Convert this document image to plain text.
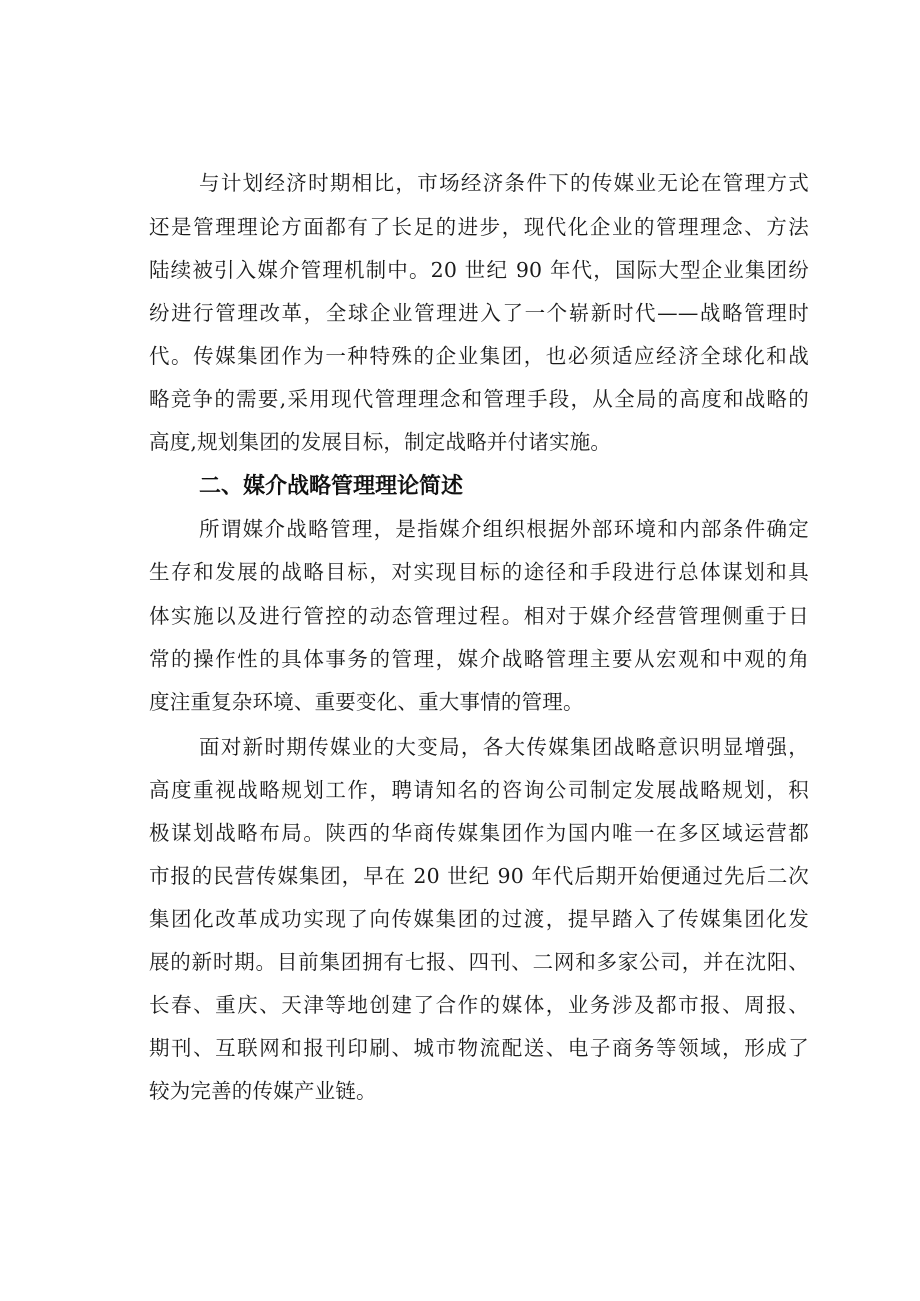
与计划经济时期相比，市场经济条件下的传媒业无论在管理方式
还是管理理论方面都有了长足的进步，现代化企业的管理理念、方法
陆续被引入媒介管理机制中。20 世纪 90 年代，国际大型企业集团纷
纷进行管理改革，全球企业管理进入了一个崭新时代——战略管理时
代。传媒集团作为一种特殊的企业集团，也必须适应经济全球化和战
略竞争的需要,采用现代管理理念和管理手段，从全局的高度和战略的
高度,规划集团的发展目标，制定战略并付诸实施。
二、媒介战略管理理论简述
所谓媒介战略管理，是指媒介组织根据外部环境和内部条件确定
生存和发展的战略目标，对实现目标的途径和手段进行总体谋划和具
体实施以及进行管控的动态管理过程。相对于媒介经营管理侧重于日
常的操作性的具体事务的管理，媒介战略管理主要从宏观和中观的角
度注重复杂环境、重要变化、重大事情的管理。
面对新时期传媒业的大变局，各大传媒集团战略意识明显增强，
高度重视战略规划工作，聘请知名的咨询公司制定发展战略规划，积
极谋划战略布局。陕西的华商传媒集团作为国内唯一在多区域运营都
市报的民营传媒集团，早在 20 世纪 90 年代后期开始便通过先后二次
集团化改革成功实现了向传媒集团的过渡，提早踏入了传媒集团化发
展的新时期。目前集团拥有七报、四刊、二网和多家公司，并在沈阳、
长春、重庆、天津等地创建了合作的媒体，业务涉及都市报、周报、
期刊、互联网和报刊印刷、城市物流配送、电子商务等领域，形成了
较为完善的传媒产业链。
